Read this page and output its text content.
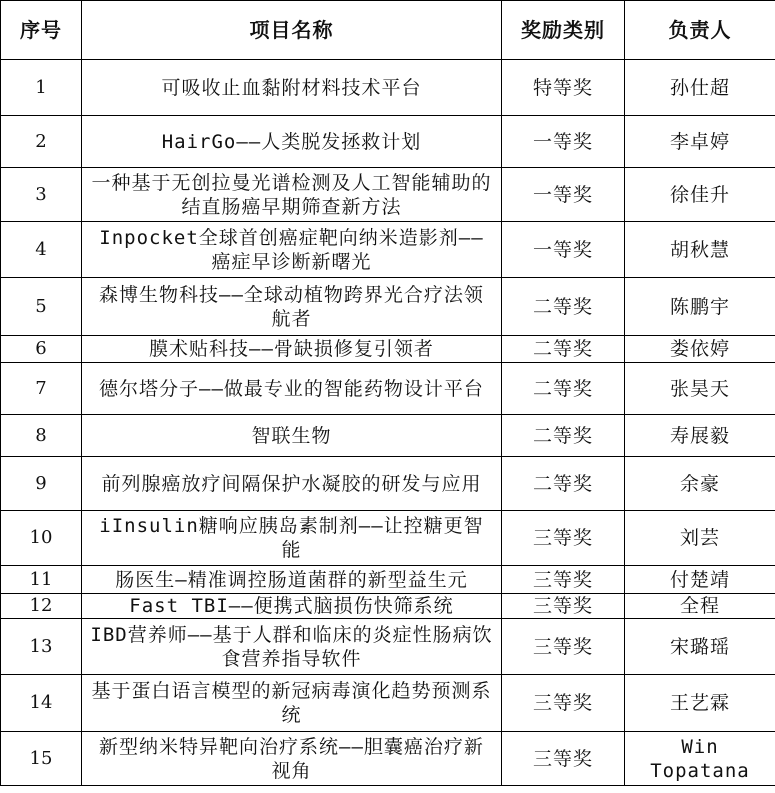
序号	项目名称	奖励类别	负责人
1	可吸收止血黏附材料技术平台	特等奖	孙仕超
2	HairGo——人类脱发拯救计划	一等奖	李卓婷
3	一种基于无创拉曼光谱检测及人工智能辅助的结直肠癌早期筛查新方法	一等奖	徐佳升
4	Inpocket全球首创癌症靶向纳米造影剂——癌症早诊断新曙光	一等奖	胡秋慧
5	森博生物科技——全球动植物跨界光合疗法领航者	二等奖	陈鹏宇
6	膜术贴科技——骨缺损修复引领者	二等奖	娄依婷
7	德尔塔分子——做最专业的智能药物设计平台	二等奖	张昊天
8	智联生物	二等奖	寿展毅
9	前列腺癌放疗间隔保护水凝胶的研发与应用	二等奖	余豪
10	iInsulin糖响应胰岛素制剂——让控糖更智能	三等奖	刘芸
11	肠医生—精准调控肠道菌群的新型益生元	三等奖	付楚靖
12	Fast TBI——便携式脑损伤快筛系统	三等奖	全程
13	IBD营养师——基于人群和临床的炎症性肠病饮食营养指导软件	三等奖	宋璐瑶
14	基于蛋白语言模型的新冠病毒演化趋势预测系统	三等奖	王艺霖
15	新型纳米特异靶向治疗系统——胆囊癌治疗新视角	三等奖	Win Topatana
